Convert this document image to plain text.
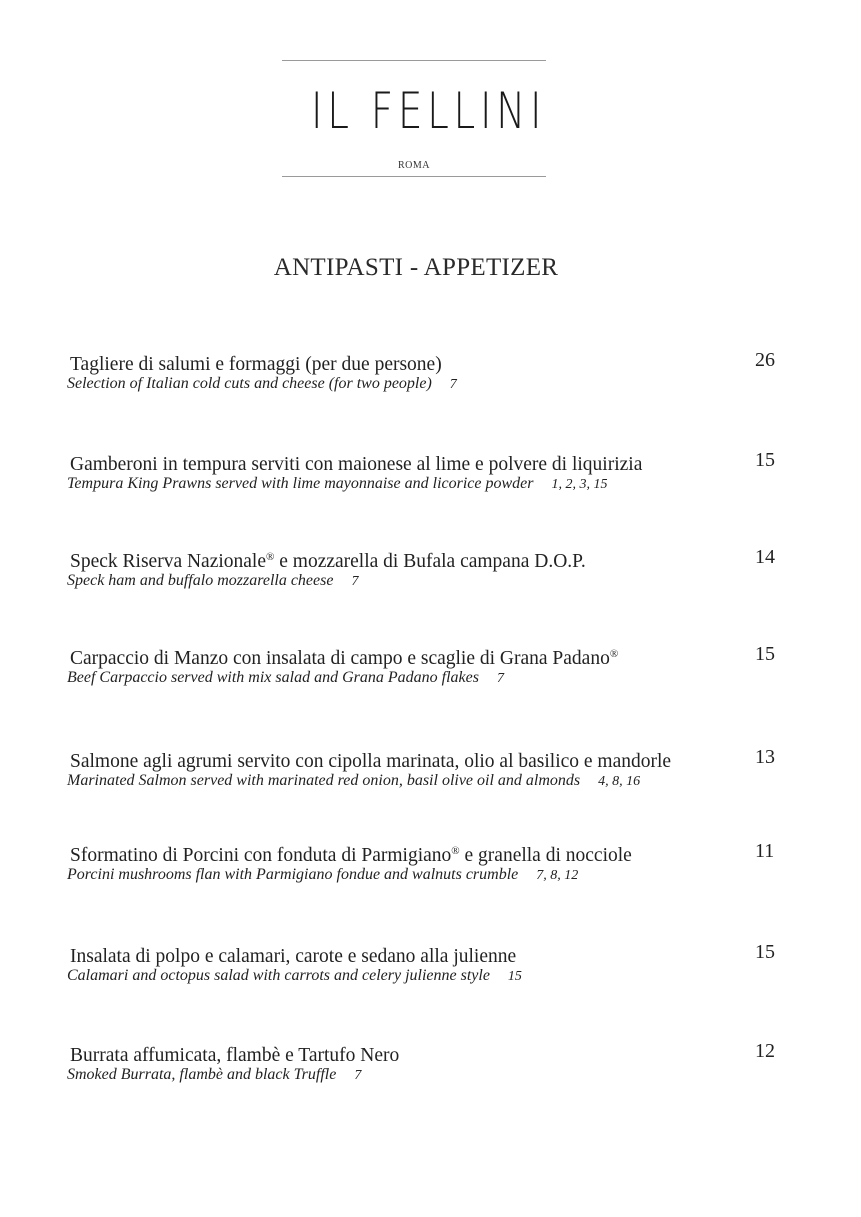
IL FELLINI
ROMA
ANTIPASTI - APPETIZER
Tagliere di salumi e formaggi (per due persone)
Selection of Italian cold cuts and cheese (for two people) 7
26
Gamberoni in tempura serviti con maionese al lime e polvere di liquirizia
Tempura King Prawns served with lime mayonnaise and licorice powder 1, 2, 3, 15
15
Speck Riserva Nazionale® e mozzarella di Bufala campana D.O.P.
Speck ham and buffalo mozzarella cheese 7
14
Carpaccio di Manzo con insalata di campo e scaglie di Grana Padano®
Beef Carpaccio served with mix salad and Grana Padano flakes 7
15
Salmone agli agrumi servito con cipolla marinata, olio al basilico e mandorle
Marinated Salmon served with marinated red onion, basil olive oil and almonds 4, 8, 16
13
Sformatino di Porcini con fonduta di Parmigiano® e granella di nocciole
Porcini mushrooms flan with Parmigiano fondue and walnuts crumble 7, 8, 12
11
Insalata di polpo e calamari, carote e sedano alla julienne
Calamari and octopus salad with carrots and celery julienne style 15
15
Burrata affumicata, flambè e Tartufo Nero
Smoked Burrata, flambè and black Truffle 7
12
